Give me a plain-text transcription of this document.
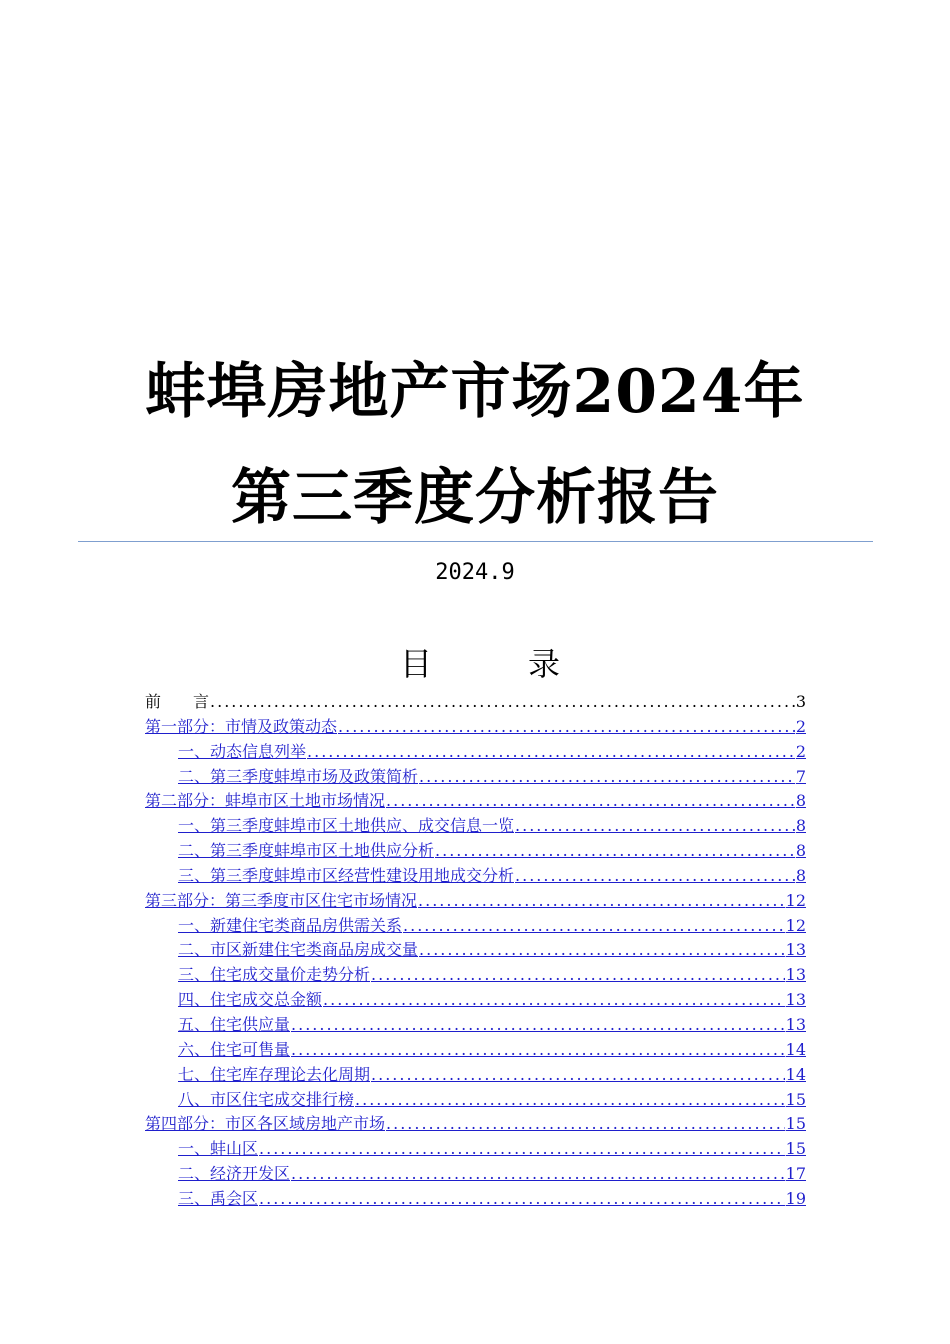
蚌埠房地产市场2024年
第三季度分析报告
2024.9
目	录
前　　言 .....	3
第一部分：市情及政策动态 .....	2
一、动态信息列举 .....	2
二、第三季度蚌埠市场及政策简析 .....	7
第二部分：蚌埠市区土地市场情况 .....	8
一、第三季度蚌埠市区土地供应、成交信息一览 .....	8
二、第三季度蚌埠市区土地供应分析 .....	8
三、第三季度蚌埠市区经营性建设用地成交分析 .....	8
第三部分：第三季度市区住宅市场情况 .....	12
一、新建住宅类商品房供需关系 .....	12
二、市区新建住宅类商品房成交量 .....	13
三、住宅成交量价走势分析 .....	13
四、住宅成交总金额 .....	13
五、住宅供应量 .....	13
六、住宅可售量 .....	14
七、住宅库存理论去化周期 .....	14
八、市区住宅成交排行榜 .....	15
第四部分：市区各区域房地产市场 .....	15
一、蚌山区 .....	15
二、经济开发区 .....	17
三、禹会区 .....	19
